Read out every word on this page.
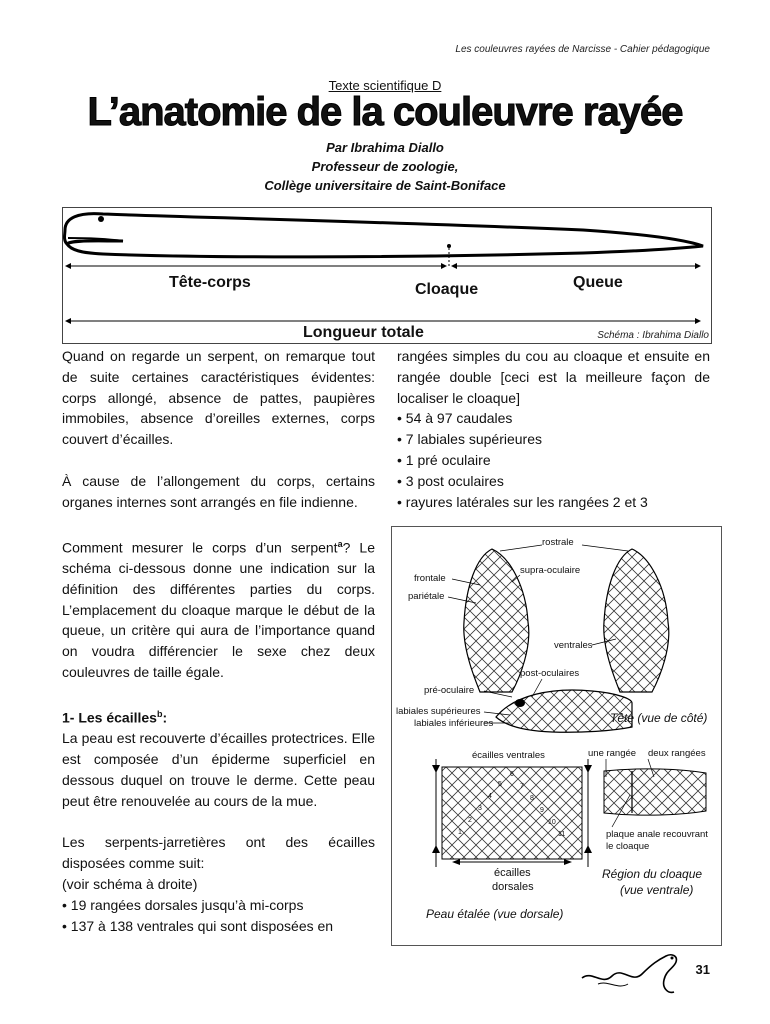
Les couleuvres rayées de Narcisse - Cahier pédagogique
Texte scientifique D
L’anatomie de la couleuvre rayée
Par Ibrahima Diallo
Professeur de zoologie,
Collège universitaire de Saint-Boniface
Tête-corps	Cloaque	Queue
Longueur totale	Schéma : Ibrahima Diallo

Quand on regarde un serpent, on remarque tout de suite certaines caractéristiques évidentes: corps allongé, absence de pattes, paupières immobiles, absence d’oreilles externes, corps couvert d’écailles.

À cause de l’allongement du corps, certains organes internes sont arrangés en file indienne.

Comment mesurer le corps d’un serpent$^a$? Le schéma ci-dessous donne une indication sur la définition des différentes parties du corps. L’emplacement du cloaque marque le début de la queue, un critère qui aura de l’importance quand on voudra différencier le sexe chez deux couleuvres de taille égale.

1- Les écailles$^b$:

La peau est recouverte d’écailles protectrices. Elle est composée d’un épiderme superficiel en dessous duquel on trouve le derme. Cette peau peut être renouvelée au cours de la mue.

Les serpents-jarretières ont des écailles disposées comme suit:

(voir schéma à droite)

• 19 rangées dorsales jusqu’à mi-corps
• 137 à 138 ventrales qui sont disposées en

rangées simples du cou au cloaque et ensuite en rangée double [ceci est la meilleure façon de localiser le cloaque]

• 54 à 97 caudales
• 7 labiales supérieures
• 1 pré oculaire
• 3 post oculaires
• rayures latérales sur les rangées 2 et 3
rostrale
supra-oculaire
frontale
pariétale
ventrales
post-oculaires
pré-oculaire
labiales supérieures
labiales inférieures	Tête (vue de côté)
écailles ventrales	une rangée deux rangées
plaque anale recouvrant
le cloaque
écailles
dorsales
Région du cloaque
(vue ventrale)
Peau étalée (vue dorsale)
1
2
3
4
5
6
7
8
9
10
11
31
